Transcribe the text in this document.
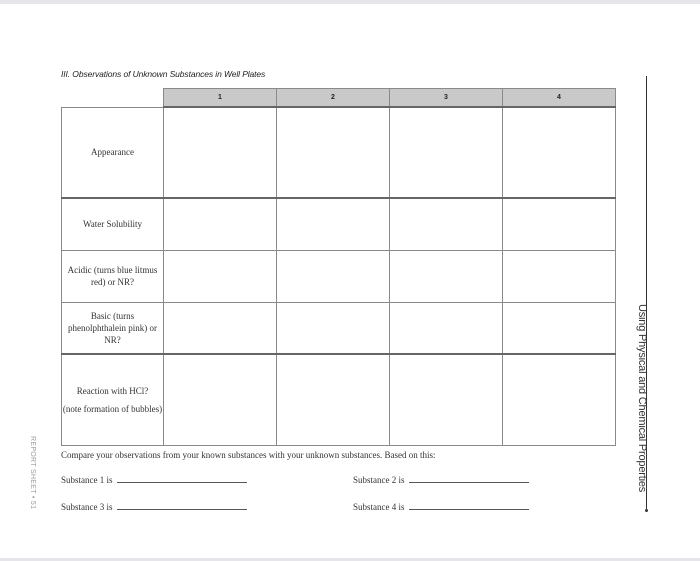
III. Observations of Unknown Substances in Well Plates
	1	2	3	4
Appearance				
Water Solubility				
Acidic (turns blue litmus red) or NR?				
Basic (turns phenolphthalein pink) or NR?				
Reaction with HCl?
(note formation of bubbles)				

Compare your observations from your known substances with your unknown substances. Based on this:
Substance 1 is	Substance 2 is
Substance 3 is	Substance 4 is
Using Physical and Chemical Properties
REPORT SHEET • 51
